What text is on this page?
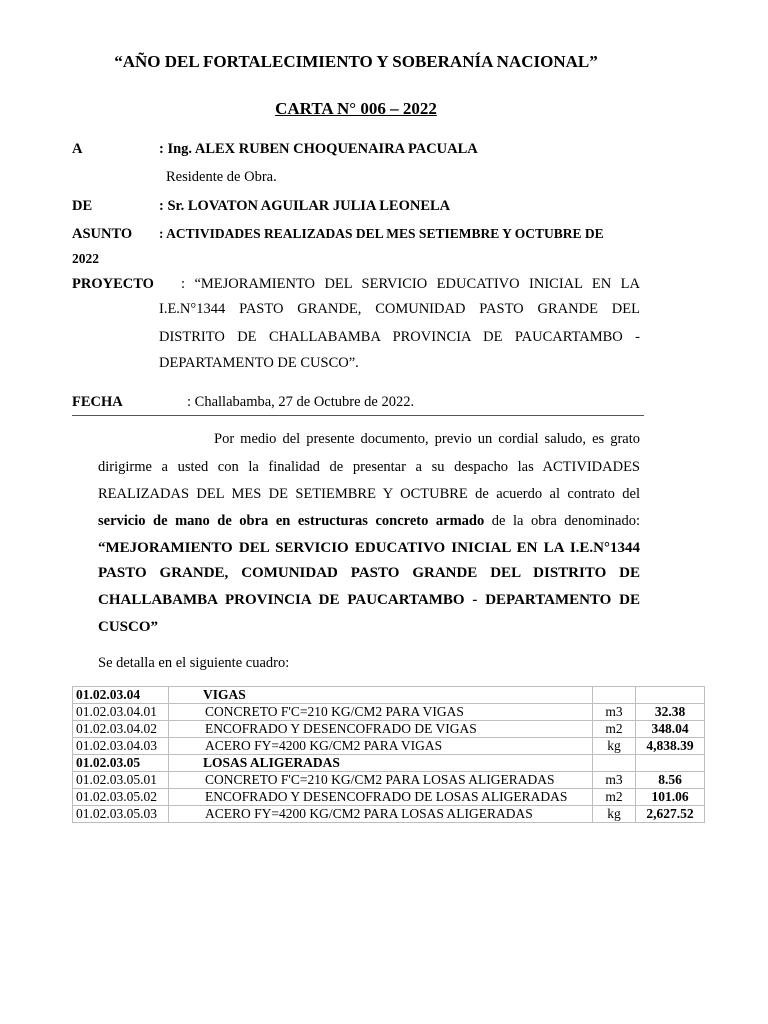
“AÑO DEL FORTALECIMIENTO Y SOBERANÍA NACIONAL”
CARTA N° 006 – 2022
A	: Ing. ALEX RUBEN CHOQUENAIRA PACUALA
Residente de Obra.
DE	: Sr. LOVATON AGUILAR JULIA LEONELA
ASUNTO : ACTIVIDADES REALIZADAS DEL MES SETIEMBRE Y OCTUBRE DE
2022
PROYECTO : “MEJORAMIENTO DEL SERVICIO EDUCATIVO INICIAL EN LA
I.E.N°1344 PASTO GRANDE, COMUNIDAD PASTO GRANDE DEL
DISTRITO DE CHALLABAMBA PROVINCIA DE PAUCARTAMBO -
DEPARTAMENTO DE CUSCO”.
FECHA	: Challabamba, 27 de Octubre de 2022.
Por medio del presente documento, previo un cordial saludo, es grato
dirigirme a usted con la finalidad de presentar a su despacho las ACTIVIDADES
REALIZADAS DEL MES DE SETIEMBRE Y OCTUBRE de acuerdo al contrato del
servicio de mano de obra en estructuras concreto armado de la obra denominado:
“MEJORAMIENTO DEL SERVICIO EDUCATIVO INICIAL EN LA I.E.N°1344
PASTO GRANDE, COMUNIDAD PASTO GRANDE DEL DISTRITO DE
CHALLABAMBA PROVINCIA DE PAUCARTAMBO - DEPARTAMENTO DE
CUSCO”
Se detalla en el siguiente cuadro:
01.02.03.04	VIGAS		
01.02.03.04.01	CONCRETO F'C=210 KG/CM2 PARA VIGAS	m3	32.38
01.02.03.04.02	ENCOFRADO Y DESENCOFRADO DE VIGAS	m2	348.04
01.02.03.04.03	ACERO FY=4200 KG/CM2 PARA VIGAS	kg	4,838.39
01.02.03.05	LOSAS ALIGERADAS		
01.02.03.05.01	CONCRETO F'C=210 KG/CM2 PARA LOSAS ALIGERADAS	m3	8.56
01.02.03.05.02	ENCOFRADO Y DESENCOFRADO DE LOSAS ALIGERADAS	m2	101.06
01.02.03.05.03	ACERO FY=4200 KG/CM2 PARA LOSAS ALIGERADAS	kg	2,627.52
